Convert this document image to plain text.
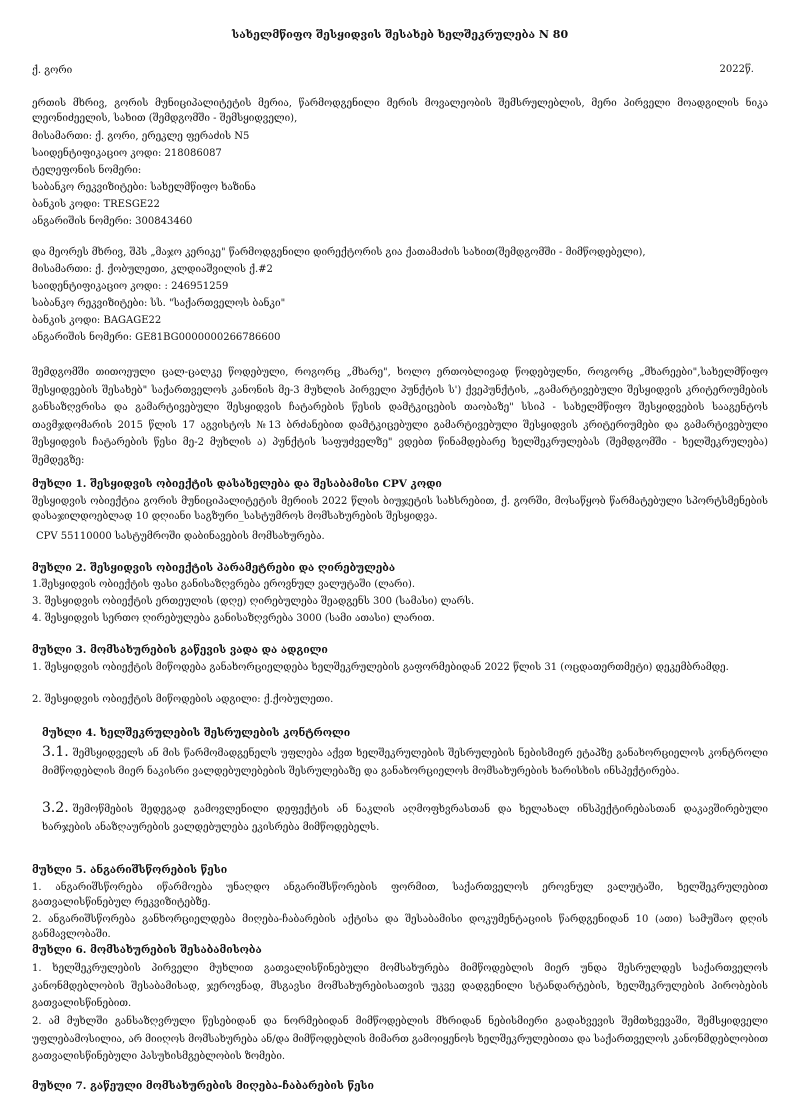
სახელმწიფო შესყიდვის შესახებ ხელშეკრულება N 80
ქ. გორი	2022წ.
ერთის მხრივ, გორის მუნიციპალიტეტის მერია, წარმოდგენილი მერის მოვალეობის შემსრულებლის, მერი პირველი მოადგილის ნიკა ლეონიძეელის, სახით (შემდგომში - შემსყიდველი),
მისამართი: ქ. გორი, ერეკლე ფერაძის N5
საიდენტიფიკაციო კოდი: 218086087
ტელეფონის ნომერი:
საბანკო რეკვიზიტები: სახელმწიფო ხაზინა
ბანკის კოდი: TRESGE22
ანგარიშის ნომერი: 300843460
და მეორეს მხრივ, შპს „მაჯო კერიკე" წარმოდგენილი დირექტორის გია ქათამაძის სახით(შემდგომში - მიმწოდებელი),
მისამართი: ქ. ქობულეთი, კლდიაშვილის ქ.#2
საიდენტიფიკაციო კოდი: : 246951259
საბანკო რეკვიზიტები: სს. "საქართველოს ბანკი"
ბანკის კოდი: BAGAGE22
ანგარიშის ნომერი: GE81BG0000000266786600
შემდგომში თითოეული ცალ-ცალკე წოდებული, როგორც „მხარე", ხოლო ერთობლივად წოდებულნი, როგორც „მხარეები",სახელმწიფო შესყიდვების შესახებ" საქართველოს კანონის მე-3 მუხლის პირველი პუნქტის ს') ქვეპუნქტის, „გამარტივებული შესყიდვის კრიტერიუმების განსაზღვრისა და გამარტივებული შესყიდვის ჩატარების წესის დამტკიცების თაობაზე" სსიპ - სახელმწიფო შესყიდვების სააგენტოს თავმჯდომარის 2015 წლის 17 აგვისტოს №13 ბრძანებით დამტკიცებული გამარტივებული შესყიდვის კრიტერიუმები და გამარტივებული შესყიდვის ჩატარების წესი მე-2 მუხლის ა) პუნქტის საფუძველზე" ვდებთ წინამდებარე ხელშეკრულებას (შემდგომში - ხელშეკრულება) შემდეგზე:
მუხლი 1. შესყიდვის ობიექტის დასახელება და შესაბამისი CPV კოდი
შესყიდვის ობიექტია გორის მუნიციპალიტეტის მერიის 2022 წლის ბიუჯეტის სახსრებით, ქ. გორში, მოსაწყობ წარმატებული სპორტსმენების დასაჯილდოებლად 10 დღიანი საგზური_სასტუმროს მომსახურების შესყიდვა.
CPV 55110000 სასტუმროში დაბინავების მომსახურება.
მუხლი 2. შესყიდვის ობიექტის პარამეტრები და ღირებულება
1.შესყიდვის ობიექტის ფასი განისაზღვრება ეროვნულ ვალუტაში (ლარი).
3. შესყიდვის ობიექტის ერთეულის (დღე) ღირებულება შეადგენს 300 (სამასი) ლარს.
4. შესყიდვის სერთო ღირებულება განისაზღვრება 3000 (სამი ათასი) ლარით.
მუხლი 3. მომსახურების გაწევის ვადა და ადგილი
1. შესყიდვის ობიექტის მიწოდება განახორციელდება ხელშეკრულების გაფორმებიდან 2022 წლის 31 (ოცდათერთმეტი) დეკემბრამდე.
2. შესყიდვის ობიექტის მიწოდების ადგილი: ქ.ქობულეთი.
მუხლი 4. ხელშეკრულების შესრულების კონტროლი
3.1. შემსყიდველს ან მის წარმომადგენელს უფლება აქვთ ხელშეკრულების შესრულების ნებისმიერ ეტაპზე განახორციელოს კონტროლი მიმწოდებლის მიერ ნაკისრი ვალდებულებების შესრულებაზე და განახორციელოს მომსახურების ხარისხის ინსპექტირება.
3.2. შემოწმების შედეგად გამოვლენილი დეფექტის ან ნაკლის აღმოფხვრასთან და ხელახალ ინსპექტირებასთან დაკავშირებული ხარჯების ანაზღაურების ვალდებულება ეკისრება მიმწოდებელს.
მუხლი 5. ანგარიშსწორების წესი
1. ანგარიშსწორება იწარმოება უნაღდო ანგარიშსწორების ფორმით, საქართველოს ეროვნულ ვალუტაში, ხელშეკრულებით გათვალისწინებულ რეკვიზიტებზე.
2. ანგარიშსწორება განხორციელდება მიღება-ჩაბარების აქტისა და შესაბამისი დოკუმენტაციის წარდგენიდან 10 (ათი) სამუშაო დღის განმავლობაში.
მუხლი 6. მომსახურების შესაბამისობა
1. ხელშეკრულების პირველი მუხლით გათვალისწინებული მომსახურება მიმწოდებლის მიერ უნდა შესრულდეს საქართველოს კანონმდებლობის შესაბამისად, ჯეროვნად, მსგავსი მომსახურებისათვის უკვე დადგენილი სტანდარტების, ხელშეკრულების პირობების გათვალისწინებით.
2. ამ მუხლში განსაზღვრული წესებიდან და ნორმებიდან მიმწოდებლის მხრიდან ნებისმიერი გადახვევის შემთხვევაში, შემსყიდველი უფლებამოსილია, არ მიიღოს მომსახურება ან/და მიმწოდებლის მიმართ გამოიყენოს ხელშეკრულებითა და საქართველოს კანონმდებლობით გათვალისწინებული პასუხისმგებლობის ზომები.
მუხლი 7. გაწეული მომსახურების მიღება-ჩაბარების წესი
